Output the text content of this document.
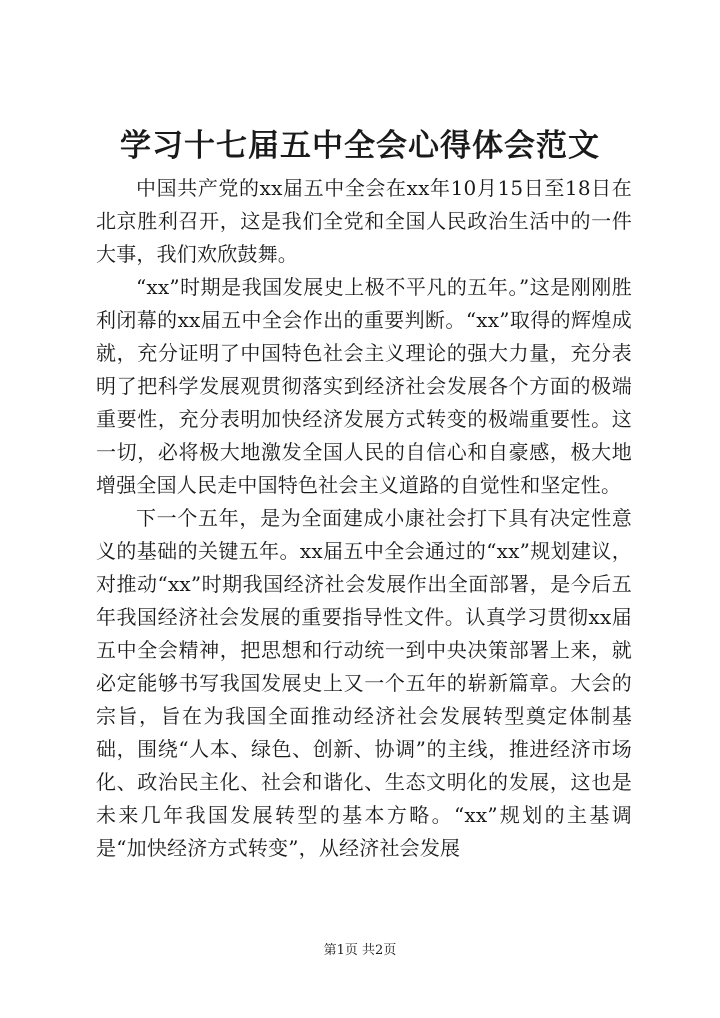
学习十七届五中全会心得体会范文

中国共产党的xx届五中全会在xx年10月15日至18日在北京胜利召开，这是我们全党和全国人民政治生活中的一件大事，我们欢欣鼓舞。

“xx”时期是我国发展史上极不平凡的五年。”这是刚刚胜利闭幕的xx届五中全会作出的重要判断。“xx”取得的辉煌成就，充分证明了中国特色社会主义理论的强大力量，充分表明了把科学发展观贯彻落实到经济社会发展各个方面的极端重要性，充分表明加快经济发展方式转变的极端重要性。这一切，必将极大地激发全国人民的自信心和自豪感，极大地增强全国人民走中国特色社会主义道路的自觉性和坚定性。

下一个五年，是为全面建成小康社会打下具有决定性意义的基础的关键五年。xx届五中全会通过的“xx”规划建议，对推动“xx”时期我国经济社会发展作出全面部署，是今后五年我国经济社会发展的重要指导性文件。认真学习贯彻xx届五中全会精神，把思想和行动统一到中央决策部署上来，就必定能够书写我国发展史上又一个五年的崭新篇章。大会的宗旨，旨在为我国全面推动经济社会发展转型奠定体制基础，围绕“人本、绿色、创新、协调”的主线，推进经济市场化、政治民主化、社会和谐化、生态文明化的发展，这也是未来几年我国发展转型的基本方略。“xx”规划的主基调是“加快经济方式转变”，从经济社会发展

第1页 共2页
